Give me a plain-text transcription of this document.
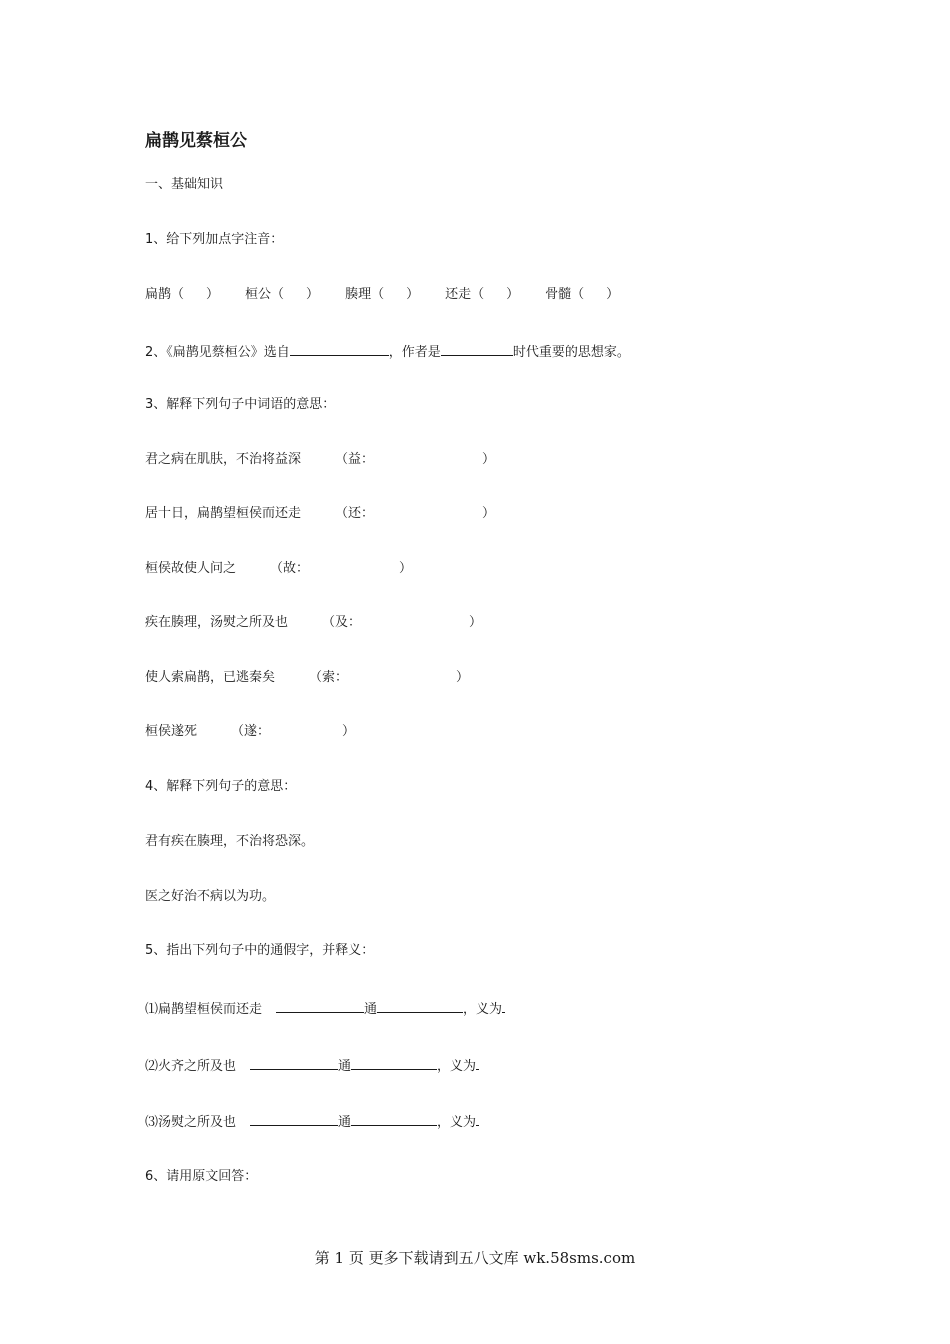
扁鹊见蔡桓公
一、基础知识
1、给下列加点字注音：
扁鹊（ ） 桓公（ ） 腠理（ ） 还走（ ） 骨髓（ ）
2、《扁鹊见蔡桓公》选自	，作者是	时代重要的思想家。
3、解释下列句子中词语的意思：
君之病在肌肤，不治将益深	（益：	）
居十日，扁鹊望桓侯而还走	（还：	）
桓侯故使人问之	（故：	）
疾在腠理，汤熨之所及也	（及：	）
使人索扁鹊，已逃秦矣	（索：	）
桓侯遂死	（遂：	）
4、解释下列句子的意思：
君有疾在腠理，不治将恐深。
医之好治不病以为功。
5、指出下列句子中的通假字，并释义：
⑴扁鹊望桓侯而还走	通	，义为
⑵火齐之所及也	通	，义为
⑶汤熨之所及也	通	，义为
6、请用原文回答：
第 1 页 更多下载请到五八文库 wk.58sms.com
